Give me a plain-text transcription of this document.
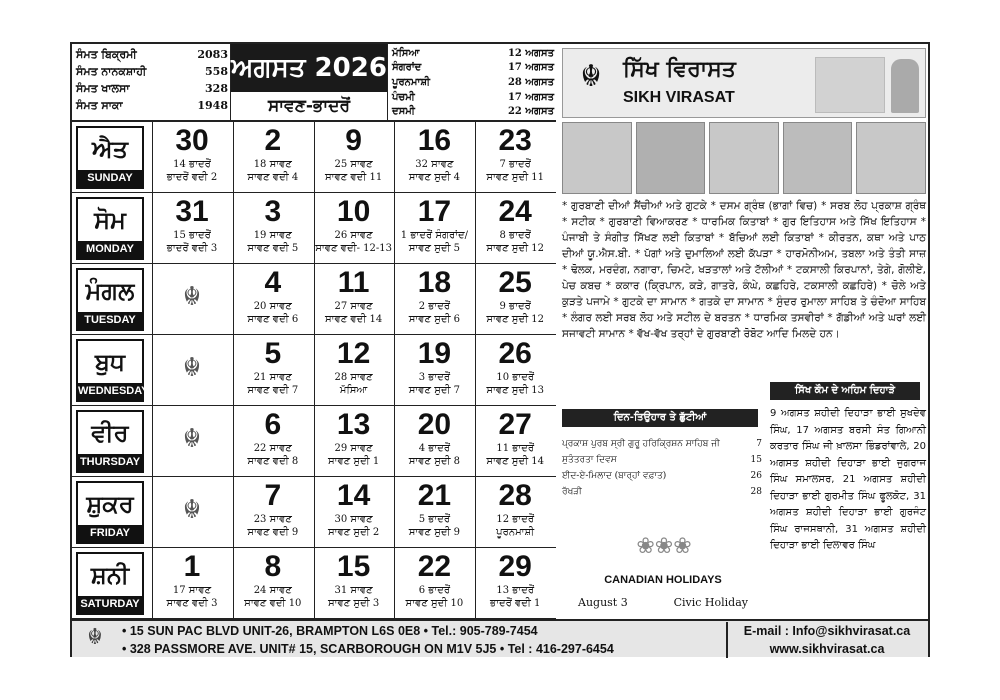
ਸੰਮਤ ਬਿਕ੍ਰਮੀ	2083
ਸੰਮਤ ਨਾਨਕਸ਼ਾਹੀ	558
ਸੰਮਤ ਖਾਲਸਾ	328
ਸੰਮਤ ਸਾਕਾ	1948
ਅਗਸਤ 2026
ਸਾਵਣ-ਭਾਦਰੋਂ
ਮੱਸਿਆ	12 ਅਗਸਤ
ਸੰਗਰਾਂਦ	17 ਅਗਸਤ
ਪੂਰਨਮਾਸ਼ੀ	28 ਅਗਸਤ
ਪੰਚਮੀ	17 ਅਗਸਤ
ਦਸਮੀ	22 ਅਗਸਤ
ਐਤ
SUNDAY
30
14 ਭਾਦਰੋਂ
ਭਾਦਰੋਂ ਵਦੀ 2
2
18 ਸਾਵਣ
ਸਾਵਣ ਵਦੀ 4
9
25 ਸਾਵਣ
ਸਾਵਣ ਵਦੀ 11
16
32 ਸਾਵਣ
ਸਾਵਣ ਸੁਦੀ 4
23
7 ਭਾਦਰੋਂ
ਸਾਵਣ ਸੁਦੀ 11
ਸੋਮ
MONDAY
31
15 ਭਾਦਰੋਂ
ਭਾਦਰੋਂ ਵਦੀ 3
3
19 ਸਾਵਣ
ਸਾਵਣ ਵਦੀ 5
10
26 ਸਾਵਣ
ਸਾਵਣ ਵਦੀ- 12-13
17
1 ਭਾਦਰੋਂ ਸੰਗਰਾਂਦ/
ਸਾਵਣ ਸੁਦੀ 5
24
8 ਭਾਦਰੋਂ
ਸਾਵਣ ਸੁਦੀ 12
ਮੰਗਲ
TUESDAY
☬	4
20 ਸਾਵਣ
ਸਾਵਣ ਵਦੀ 6
11
27 ਸਾਵਣ
ਸਾਵਣ ਵਦੀ 14
18
2 ਭਾਦਰੋਂ
ਸਾਵਣ ਸੁਦੀ 6
25
9 ਭਾਦਰੋਂ
ਸਾਵਣ ਸੁਦੀ 12
ਬੁਧ
WEDNESDAY
☬	5
21 ਸਾਵਣ
ਸਾਵਣ ਵਦੀ 7
12
28 ਸਾਵਣ
ਮੱਸਿਆ
19
3 ਭਾਦਰੋਂ
ਸਾਵਣ ਸੁਦੀ 7
26
10 ਭਾਦਰੋਂ
ਸਾਵਣ ਸੁਦੀ 13
ਵੀਰ
THURSDAY
☬	6
22 ਸਾਵਣ
ਸਾਵਣ ਵਦੀ 8
13
29 ਸਾਵਣ
ਸਾਵਣ ਸੁਦੀ 1
20
4 ਭਾਦਰੋਂ
ਸਾਵਣ ਸੁਦੀ 8
27
11 ਭਾਦਰੋਂ
ਸਾਵਣ ਸੁਦੀ 14
ਸ਼ੁਕਰ
FRIDAY
☬	7
23 ਸਾਵਣ
ਸਾਵਣ ਵਦੀ 9
14
30 ਸਾਵਣ
ਸਾਵਣ ਸੁਦੀ 2
21
5 ਭਾਦਰੋਂ
ਸਾਵਣ ਸੁਦੀ 9
28
12 ਭਾਦਰੋਂ
ਪੂਰਨਮਾਸ਼ੀ
ਸ਼ਨੀ
SATURDAY
1
17 ਸਾਵਣ
ਸਾਵਣ ਵਦੀ 3
8
24 ਸਾਵਣ
ਸਾਵਣ ਵਦੀ 10
15
31 ਸਾਵਣ
ਸਾਵਣ ਸੁਦੀ 3
22
6 ਭਾਦਰੋਂ
ਸਾਵਣ ਸੁਦੀ 10
29
13 ਭਾਦਰੋਂ
ਭਾਦਰੋਂ ਵਦੀ 1
☬ ਸਿੱਖ ਵਿਰਾਸਤ
SIKH VIRASAT
* ਗੁਰਬਾਣੀ ਦੀਆਂ ਸੈਂਚੀਆਂ ਅਤੇ ਗੁਟਕੇ * ਦਸਮ ਗ੍ਰੰਥ (ਭਾਗਾਂ ਵਿਚ) * ਸਰਬ ਲੋਹ ਪ੍ਰਕਾਸ਼ ਗ੍ਰੰਥ * ਸਟੀਕ * ਗੁਰਬਾਣੀ ਵਿਆਕਰਣ * ਧਾਰਮਿਕ ਕਿਤਾਬਾਂ * ਗੁਰ ਇਤਿਹਾਸ ਅਤੇ ਸਿੱਖ ਇਤਿਹਾਸ * ਪੰਜਾਬੀ ਤੇ ਸੰਗੀਤ ਸਿੱਖਣ ਲਈ ਕਿਤਾਬਾਂ * ਬੱਚਿਆਂ ਲਈ ਕਿਤਾਬਾਂ * ਕੀਰਤਨ, ਕਥਾ ਅਤੇ ਪਾਠ ਦੀਆਂ ਯੂ.ਐਸ.ਬੀ. * ਪੱਗਾਂ ਅਤੇ ਦੁਮਾਲਿਆਂ ਲਈ ਕੱਪੜਾ * ਹਾਰਮੋਨੀਅਮ, ਤਬਲਾ ਅਤੇ ਤੰਤੀ ਸਾਜ਼ * ਢੋਲਕ, ਮਰਦੰਗ, ਨਗਾਰਾ, ਚਿਮਟੇ, ਖੜਤਾਲਾਂ ਅਤੇ ਟੱਲੀਆਂ * ਟਕਸਾਲੀ ਕਿਰਪਾਨਾਂ, ਤੇਗੇ, ਗੋਲੀਏ, ਪੇਚ ਕਬਚ * ਕਕਾਰ (ਕ੍ਰਿਪਾਨ, ਕੜੇ, ਗਾਤਰੇ, ਕੰਘੇ, ਕਛਹਿਰੇ, ਟਕਸਾਲੀ ਕਛਹਿਰੇ) * ਚੋਲੇ ਅਤੇ ਕੁੜਤੇ ਪਜਾਮੇ * ਗੁਟਕੇ ਦਾ ਸਾਮਾਨ * ਗਤਕੇ ਦਾ ਸਾਮਾਨ * ਸੁੰਦਰ ਰੁਮਾਲਾ ਸਾਹਿਬ ਤੇ ਚੰਦੋਆ ਸਾਹਿਬ * ਲੰਗਰ ਲਈ ਸਰਬ ਲੋਹ ਅਤੇ ਸਟੀਲ ਦੇ ਬਰਤਨ * ਧਾਰਮਿਕ ਤਸਵੀਰਾਂ * ਗੱਡੀਆਂ ਅਤੇ ਘਰਾਂ ਲਈ ਸਜਾਵਟੀ ਸਾਮਾਨ * ਵੱਖ-ਵੱਖ ਤਰ੍ਹਾਂ ਦੇ ਗੁਰਬਾਣੀ ਰੋਬੋਟ ਆਦਿ ਮਿਲਦੇ ਹਨ।
ਦਿਨ-ਤਿਉਹਾਰ ਤੇ ਛੁੱਟੀਆਂ
ਪ੍ਰਕਾਸ਼ ਪੁਰਬ ਸ੍ਰੀ ਗੁਰੂ ਹਰਿਕ੍ਰਿਸ਼ਨ ਸਾਹਿਬ ਜੀ	7
ਸੁਤੰਤਰਤਾ ਦਿਵਸ	15
ਈਦ-ਏ-ਮਿਲਾਦ (ਬਾਰ੍ਹਾਂ ਵਫ਼ਾਤ)	26
ਰੱਖੜੀ	28
❀❀❀
CANADIAN HOLIDAYS
August 3	Civic Holiday
ਸਿੱਖ ਕੌਮ ਦੇ ਅਹਿਮ ਦਿਹਾੜੇ
9 ਅਗਸਤ ਸ਼ਹੀਦੀ ਦਿਹਾੜਾ ਭਾਈ ਸੁਖਦੇਵ ਸਿੰਘ, 17 ਅਗਸਤ ਬਰਸੀ ਸੰਤ ਗਿਆਨੀ ਕਰਤਾਰ ਸਿੰਘ ਜੀ ਖ਼ਾਲਸਾ ਭਿੰਡਰਾਂਵਾਲੇ, 20 ਅਗਸਤ ਸ਼ਹੀਦੀ ਦਿਹਾੜਾ ਭਾਈ ਜੁਗਰਾਜ ਸਿੰਘ ਸਮਾਲਸਰ, 21 ਅਗਸਤ ਸ਼ਹੀਦੀ ਦਿਹਾੜਾ ਭਾਈ ਗੁਰਮੀਤ ਸਿੰਘ ਫੂਲਕੋਟ, 31 ਅਗਸਤ ਸ਼ਹੀਦੀ ਦਿਹਾੜਾ ਭਾਈ ਗੁਰਜੰਟ ਸਿੰਘ ਰਾਜਸਥਾਨੀ, 31 ਅਗਸਤ ਸ਼ਹੀਦੀ ਦਿਹਾੜਾ ਭਾਈ ਦਿਲਾਵਰ ਸਿੰਘ
☬	• 15 SUN PAC BLVD UNIT-26, BRAMPTON L6S 0E8 • Tel.: 905-789-7454
• 328 PASSMORE AVE. UNIT# 15, SCARBOROUGH ON M1V 5J5 • Tel : 416-297-6454
E-mail : Info@sikhvirasat.ca
www.sikhvirasat.ca
